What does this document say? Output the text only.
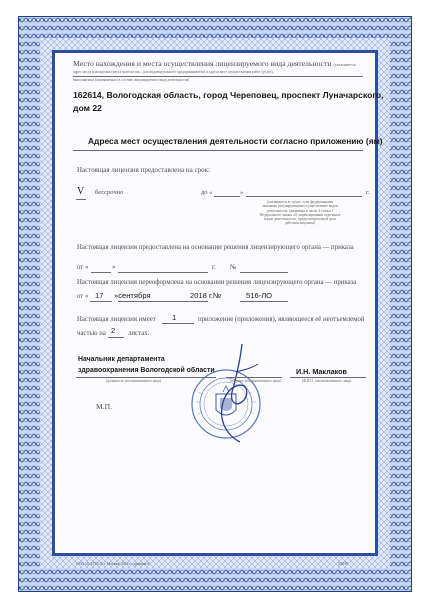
Место нахождения и места осуществления лицензируемого вида деятельности (указывается

адрес места нахождения (места жительства – для индивидуального предпринимателя) и адреса мест осуществления работ (услуг),

выполняемых (оказываемых) в составе лицензируемого вида деятельности)

162614, Вологодская область, город Череповец, проспект Луначарского,

дом 22

Адреса мест осуществления деятельности согласно приложению (ям)

Настоящая лицензия предоставлена на срок:

V бессрочно	до «	»	г.

(указывается в случае, если федеральными
законами, регулирующими осуществление видов
деятельности, указанных в части 4 статьи 1
Федерального закона «О лицензировании отдельных
видов деятельности», предусмотрен иной срок
действия лицензии)

Настоящая лицензия предоставлена на основании решения лицензирующего органа — приказа

от «	»	г. №

Настоящая лицензия переоформлена на основании решения лицензирующего органа — приказа

от « 17 »сентября	2018 г.№	516-ЛО

Настоящая лицензия имеет 1	приложение (приложения), являющееся её неотъемлемой

частью на 2 листах.

Начальник департамента

здравоохранения Вологодской области	И.Н. Маклаков

(должность уполномоченного лица)	(подпись уполномоченного лица)	(Ф.И.О. уполномоченного лица)

М.П.

ООО «Б.Т.ПТ»® г. Москва, 2014 г., уровень Б	Д2918
